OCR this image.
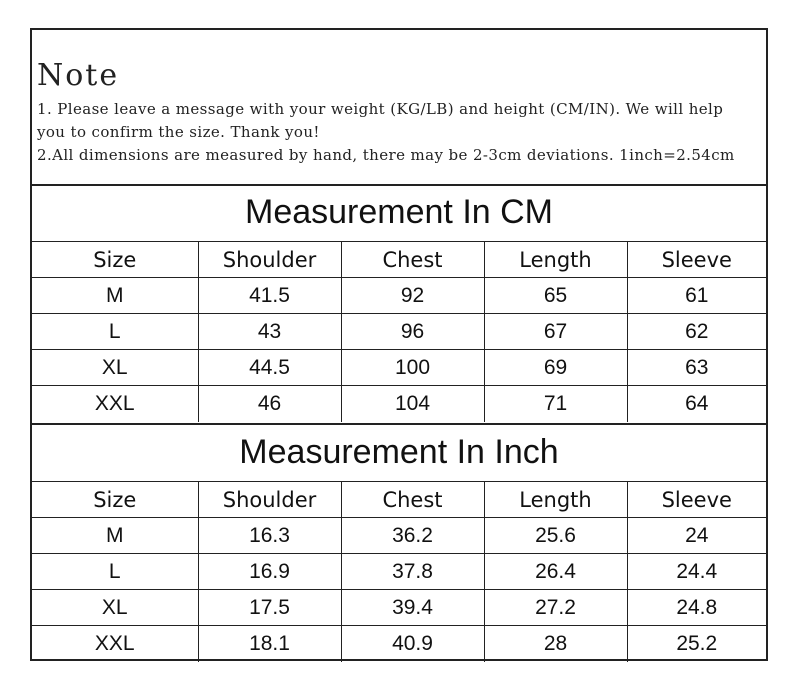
Note
1. Please leave a message with your weight (KG/LB) and height (CM/IN). We will help
you to confirm the size. Thank you!
2.All dimensions are measured by hand, there may be 2-3cm deviations. 1inch=2.54cm
Measurement In CM
Size	Shoulder	Chest	Length	Sleeve
M	41.5	92	65	61
L	43	96	67	62
XL	44.5	100	69	63
XXL	46	104	71	64
Measurement In Inch
Size	Shoulder	Chest	Length	Sleeve
M	16.3	36.2	25.6	24
L	16.9	37.8	26.4	24.4
XL	17.5	39.4	27.2	24.8
XXL	18.1	40.9	28	25.2
